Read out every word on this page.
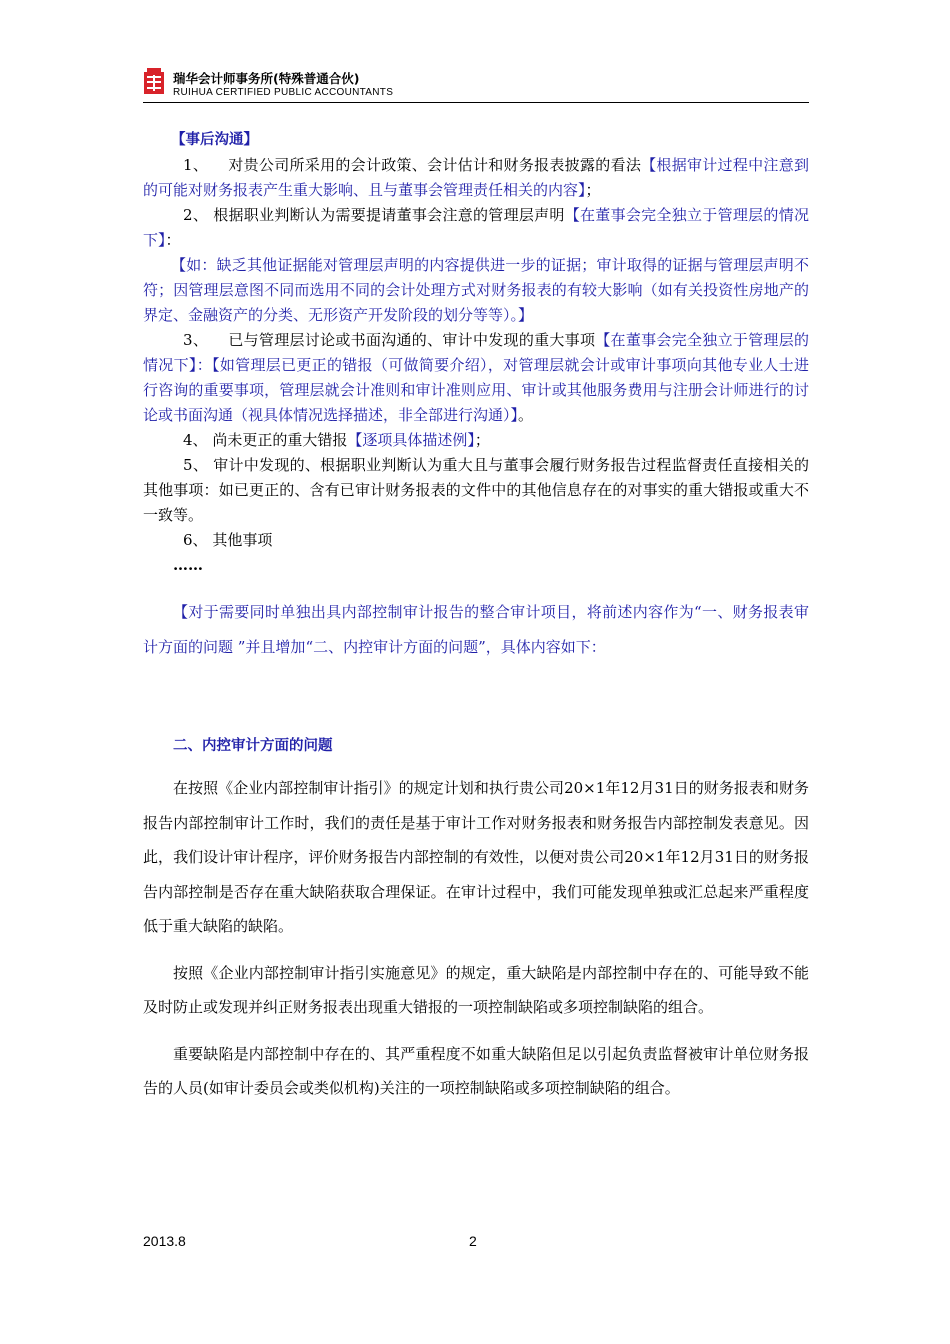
瑞华会计师事务所(特殊普通合伙)
RUIHUA CERTIFIED PUBLIC ACCOUNTANTS

【事后沟通】

1、 对贵公司所采用的会计政策、会计估计和财务报表披露的看法【根据审计过程中注意到的可能对财务报表产生重大影响、且与董事会管理责任相关的内容】；

2、 根据职业判断认为需要提请董事会注意的管理层声明【在董事会完全独立于管理层的情况下】：

【如：缺乏其他证据能对管理层声明的内容提供进一步的证据；审计取得的证据与管理层声明不符；因管理层意图不同而选用不同的会计处理方式对财务报表的有较大影响（如有关投资性房地产的界定、金融资产的分类、无形资产开发阶段的划分等等）。】

3、 已与管理层讨论或书面沟通的、审计中发现的重大事项【在董事会完全独立于管理层的情况下】：【如管理层已更正的错报（可做简要介绍），对管理层就会计或审计事项向其他专业人士进行咨询的重要事项，管理层就会计准则和审计准则应用、审计或其他服务费用与注册会计师进行的讨论或书面沟通（视具体情况选择描述，非全部进行沟通）】。

4、 尚未更正的重大错报【逐项具体描述例】；

5、 审计中发现的、根据职业判断认为重大且与董事会履行财务报告过程监督责任直接相关的其他事项：如已更正的、含有已审计财务报表的文件中的其他信息存在的对事实的重大错报或重大不一致等。

6、 其他事项

……

【对于需要同时单独出具内部控制审计报告的整合审计项目，将前述内容作为“一、财务报表审计方面的问题 ”并且增加“二、内控审计方面的问题”，具体内容如下：

二、内控审计方面的问题

在按照《企业内部控制审计指引》的规定计划和执行贵公司20×1年12月31日的财务报表和财务报告内部控制审计工作时，我们的责任是基于审计工作对财务报表和财务报告内部控制发表意见。因此，我们设计审计程序，评价财务报告内部控制的有效性，以便对贵公司20×1年12月31日的财务报告内部控制是否存在重大缺陷获取合理保证。在审计过程中，我们可能发现单独或汇总起来严重程度低于重大缺陷的缺陷。

按照《企业内部控制审计指引实施意见》的规定，重大缺陷是内部控制中存在的、可能导致不能及时防止或发现并纠正财务报表出现重大错报的一项控制缺陷或多项控制缺陷的组合。

重要缺陷是内部控制中存在的、其严重程度不如重大缺陷但足以引起负责监督被审计单位财务报告的人员(如审计委员会或类似机构)关注的一项控制缺陷或多项控制缺陷的组合。

2013.8	2
